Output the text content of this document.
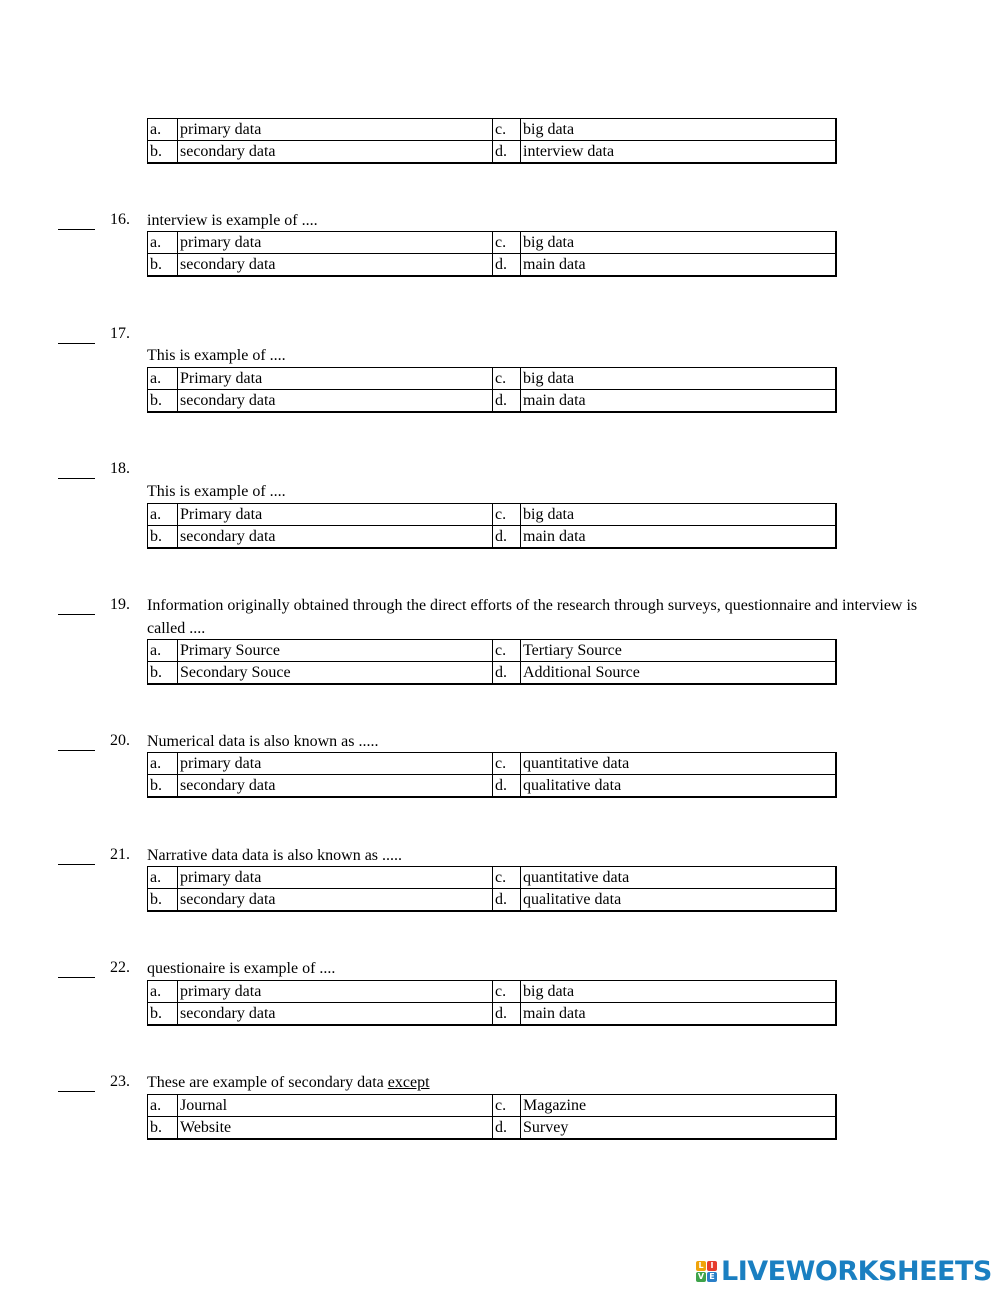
a.	primary data	c.	big data
b.	secondary data	d.	interview data
16. interview is example of ....
a.	primary data	c.	big data
b.	secondary data	d.	main data
17.
This is example of ....
a.	Primary data	c.	big data
b.	secondary data	d.	main data
18.
This is example of ....
a.	Primary data	c.	big data
b.	secondary data	d.	main data
19. Information originally obtained through the direct efforts of the research through surveys, questionnaire and interview is called ....
a.	Primary Source	c.	Tertiary Source
b.	Secondary Souce	d.	Additional Source
20. Numerical data is also known as .....
a.	primary data	c.	quantitative data
b.	secondary data	d.	qualitative data
21. Narrative data data is also known as .....
a.	primary data	c.	quantitative data
b.	secondary data	d.	qualitative data
22. questionaire is example of ....
a.	primary data	c.	big data
b.	secondary data	d.	main data
23. These are example of secondary data except
a.	Journal	c.	Magazine
b.	Website	d.	Survey
L I
V E LIVEWORKSHEETS
